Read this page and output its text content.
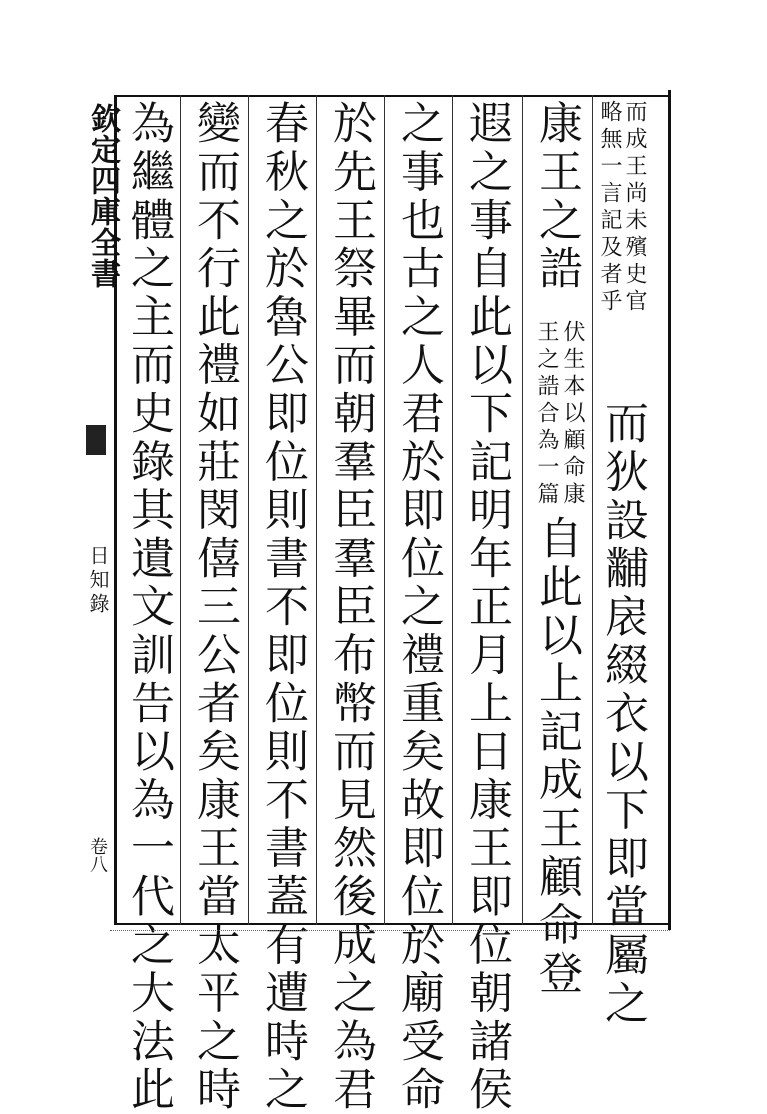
欽定四庫全書
日知錄
卷八
而成王尚未殯史官
略無一言記及者乎
而狄設黼扆綴衣以下即當屬之
康王之誥
伏生本以顧命康
王之誥合為一篇
自此以上記成王顧命登
遐之事自此以下記明年正月上日康王即位朝諸侯
之事也古之人君於即位之禮重矣故即位於廟受命
於先王祭畢而朝羣臣羣臣布幣而見然後成之為君
春秋之於魯公即位則書不即位則不書蓋有遭時之
變而不行此禮如莊閔僖三公者矣康王當太平之時
為繼體之主而史錄其遺文訓告以為一代之大法此
